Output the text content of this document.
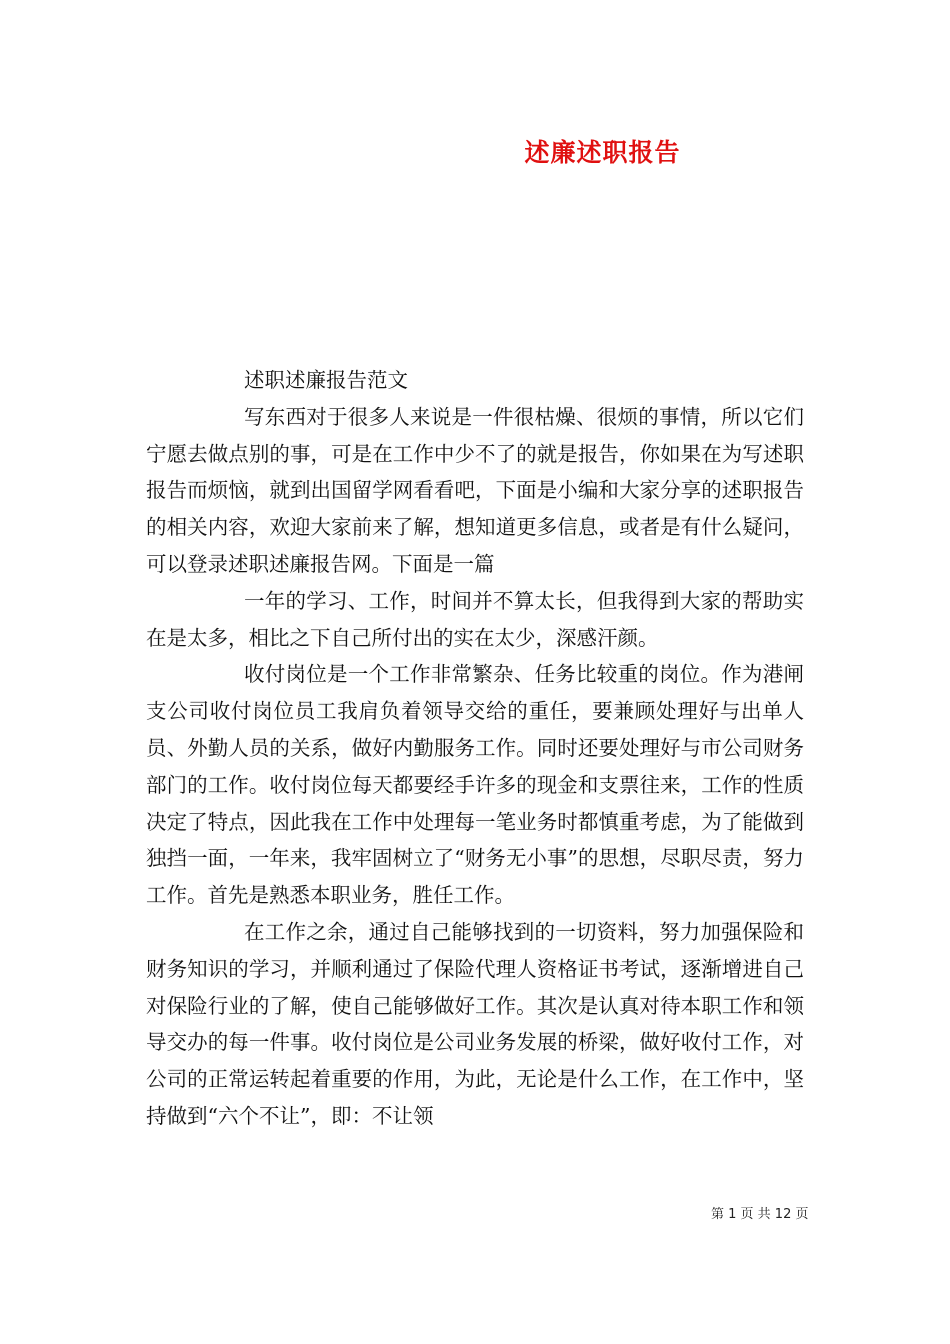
述廉述职报告

述职述廉报告范文

写东西对于很多人来说是一件很枯燥、很烦的事情，所以它们宁愿去做点别的事，可是在工作中少不了的就是报告，你如果在为写述职报告而烦恼，就到出国留学网看看吧，下面是小编和大家分享的述职报告的相关内容，欢迎大家前来了解，想知道更多信息，或者是有什么疑问，可以登录述职述廉报告网。下面是一篇

一年的学习、工作，时间并不算太长，但我得到大家的帮助实在是太多，相比之下自己所付出的实在太少，深感汗颜。

收付岗位是一个工作非常繁杂、任务比较重的岗位。作为港闸支公司收付岗位员工我肩负着领导交给的重任，要兼顾处理好与出单人员、外勤人员的关系，做好内勤服务工作。同时还要处理好与市公司财务部门的工作。收付岗位每天都要经手许多的现金和支票往来，工作的性质决定了特点，因此我在工作中处理每一笔业务时都慎重考虑，为了能做到独挡一面，一年来，我牢固树立了“财务无小事”的思想，尽职尽责，努力工作。首先是熟悉本职业务，胜任工作。

在工作之余，通过自己能够找到的一切资料，努力加强保险和财务知识的学习，并顺利通过了保险代理人资格证书考试，逐渐增进自己对保险行业的了解，使自己能够做好工作。其次是认真对待本职工作和领导交办的每一件事。收付岗位是公司业务发展的桥梁，做好收付工作，对公司的正常运转起着重要的作用，为此，无论是什么工作，在工作中，坚持做到“六个不让”，即：不让领

第 1 页 共 12 页
